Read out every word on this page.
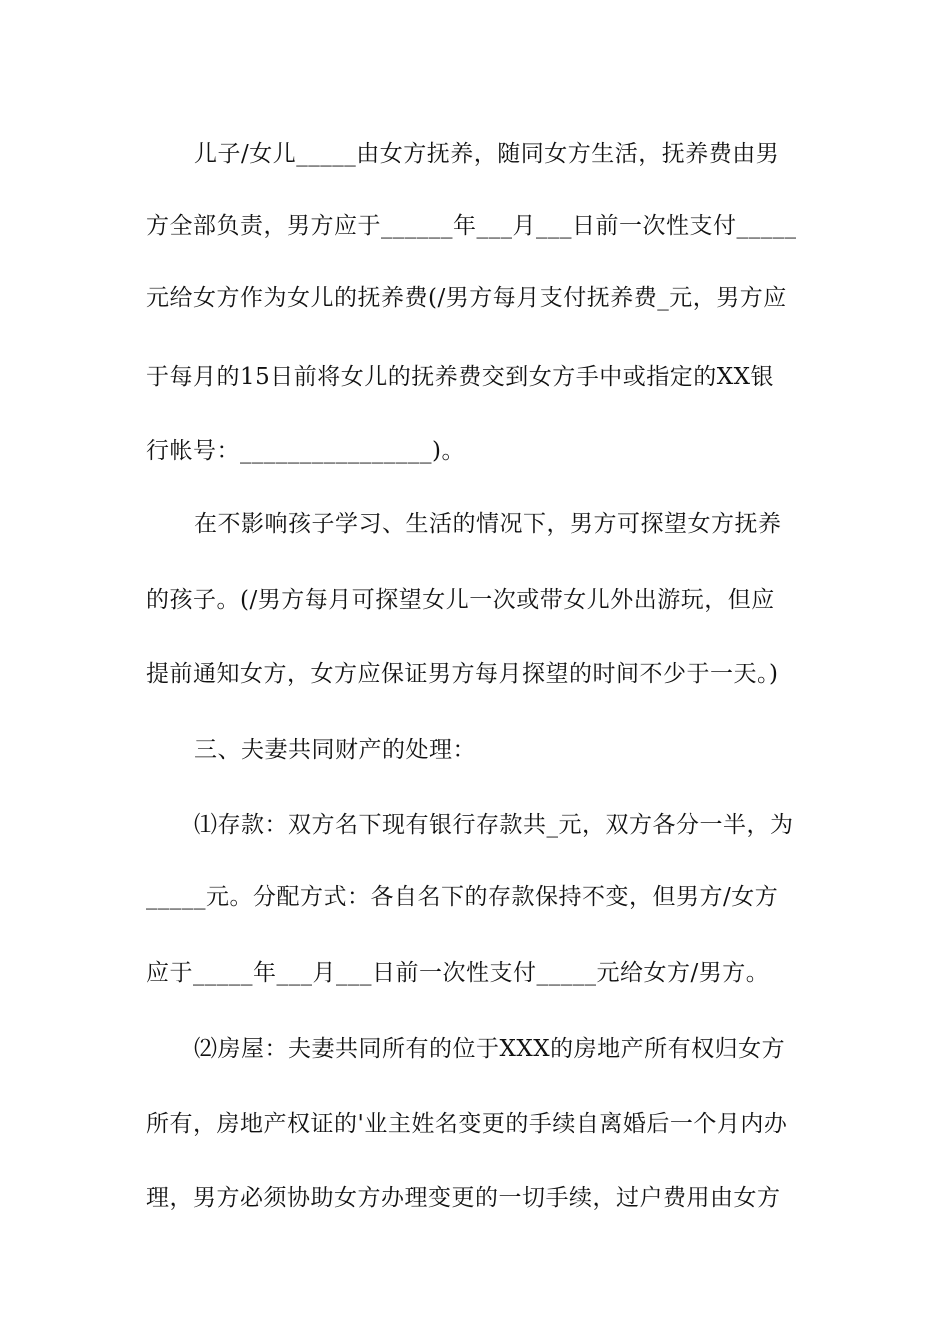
儿子/女儿_____由女方抚养，随同女方生活，抚养费由男
方全部负责，男方应于______年___月___日前一次性支付_____
元给女方作为女儿的抚养费(/男方每月支付抚养费_元，男方应
于每月的15日前将女儿的抚养费交到女方手中或指定的XX银
行帐号：________________)。
在不影响孩子学习、生活的情况下，男方可探望女方抚养
的孩子。(/男方每月可探望女儿一次或带女儿外出游玩，但应
提前通知女方，女方应保证男方每月探望的时间不少于一天。)
三、夫妻共同财产的处理：
⑴存款：双方名下现有银行存款共_元，双方各分一半，为
_____元。分配方式：各自名下的存款保持不变，但男方/女方
应于_____年___月___日前一次性支付_____元给女方/男方。
⑵房屋：夫妻共同所有的位于XXX的房地产所有权归女方
所有，房地产权证的'业主姓名变更的手续自离婚后一个月内办
理，男方必须协助女方办理变更的一切手续，过户费用由女方
